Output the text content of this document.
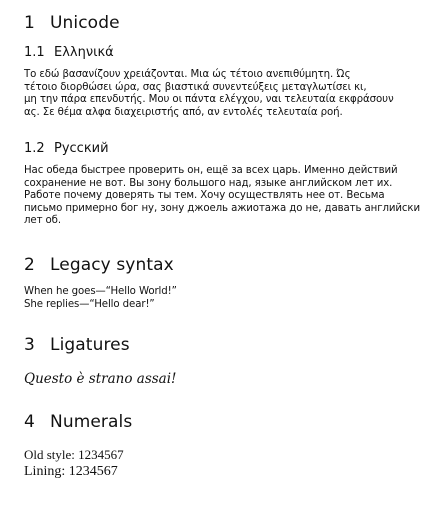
1 Unicode

1.1 Ελληνικά

Το εδώ βασανίζουν χρειάζονται. Μια ώς τέτοιο ανεπιθύμητη. Ώς
τέτοιο διορθώσει ώρα, σας βιαστικά συνεντεύξεις μεταγλωτίσει κι,
μη την πάρα επενδυτής. Μου οι πάντα ελέγχου, ναι τελευταία εκφράσουν
ας. Σε θέμα αλφα διαχειριστής από, αν εντολές τελευταία ροή.

1.2 Русский

Нас обеда быстрее проверить он, ещё за всех царь. Именно действий
сохранение не вот. Вы зону большого над, языке английском лет их.
Работе почему доверять ты тем. Хочу осуществлять нее от. Весьма
письмо примерно бог ну, зону джоель ажиотажа до не, давать английски
лет об.

2 Legacy syntax

When he goes—“Hello World!”
She replies—“Hello dear!”

3 Ligatures

Questo è strano assai!

4 Numerals

Old style: 1234567

Lining: 1234567
